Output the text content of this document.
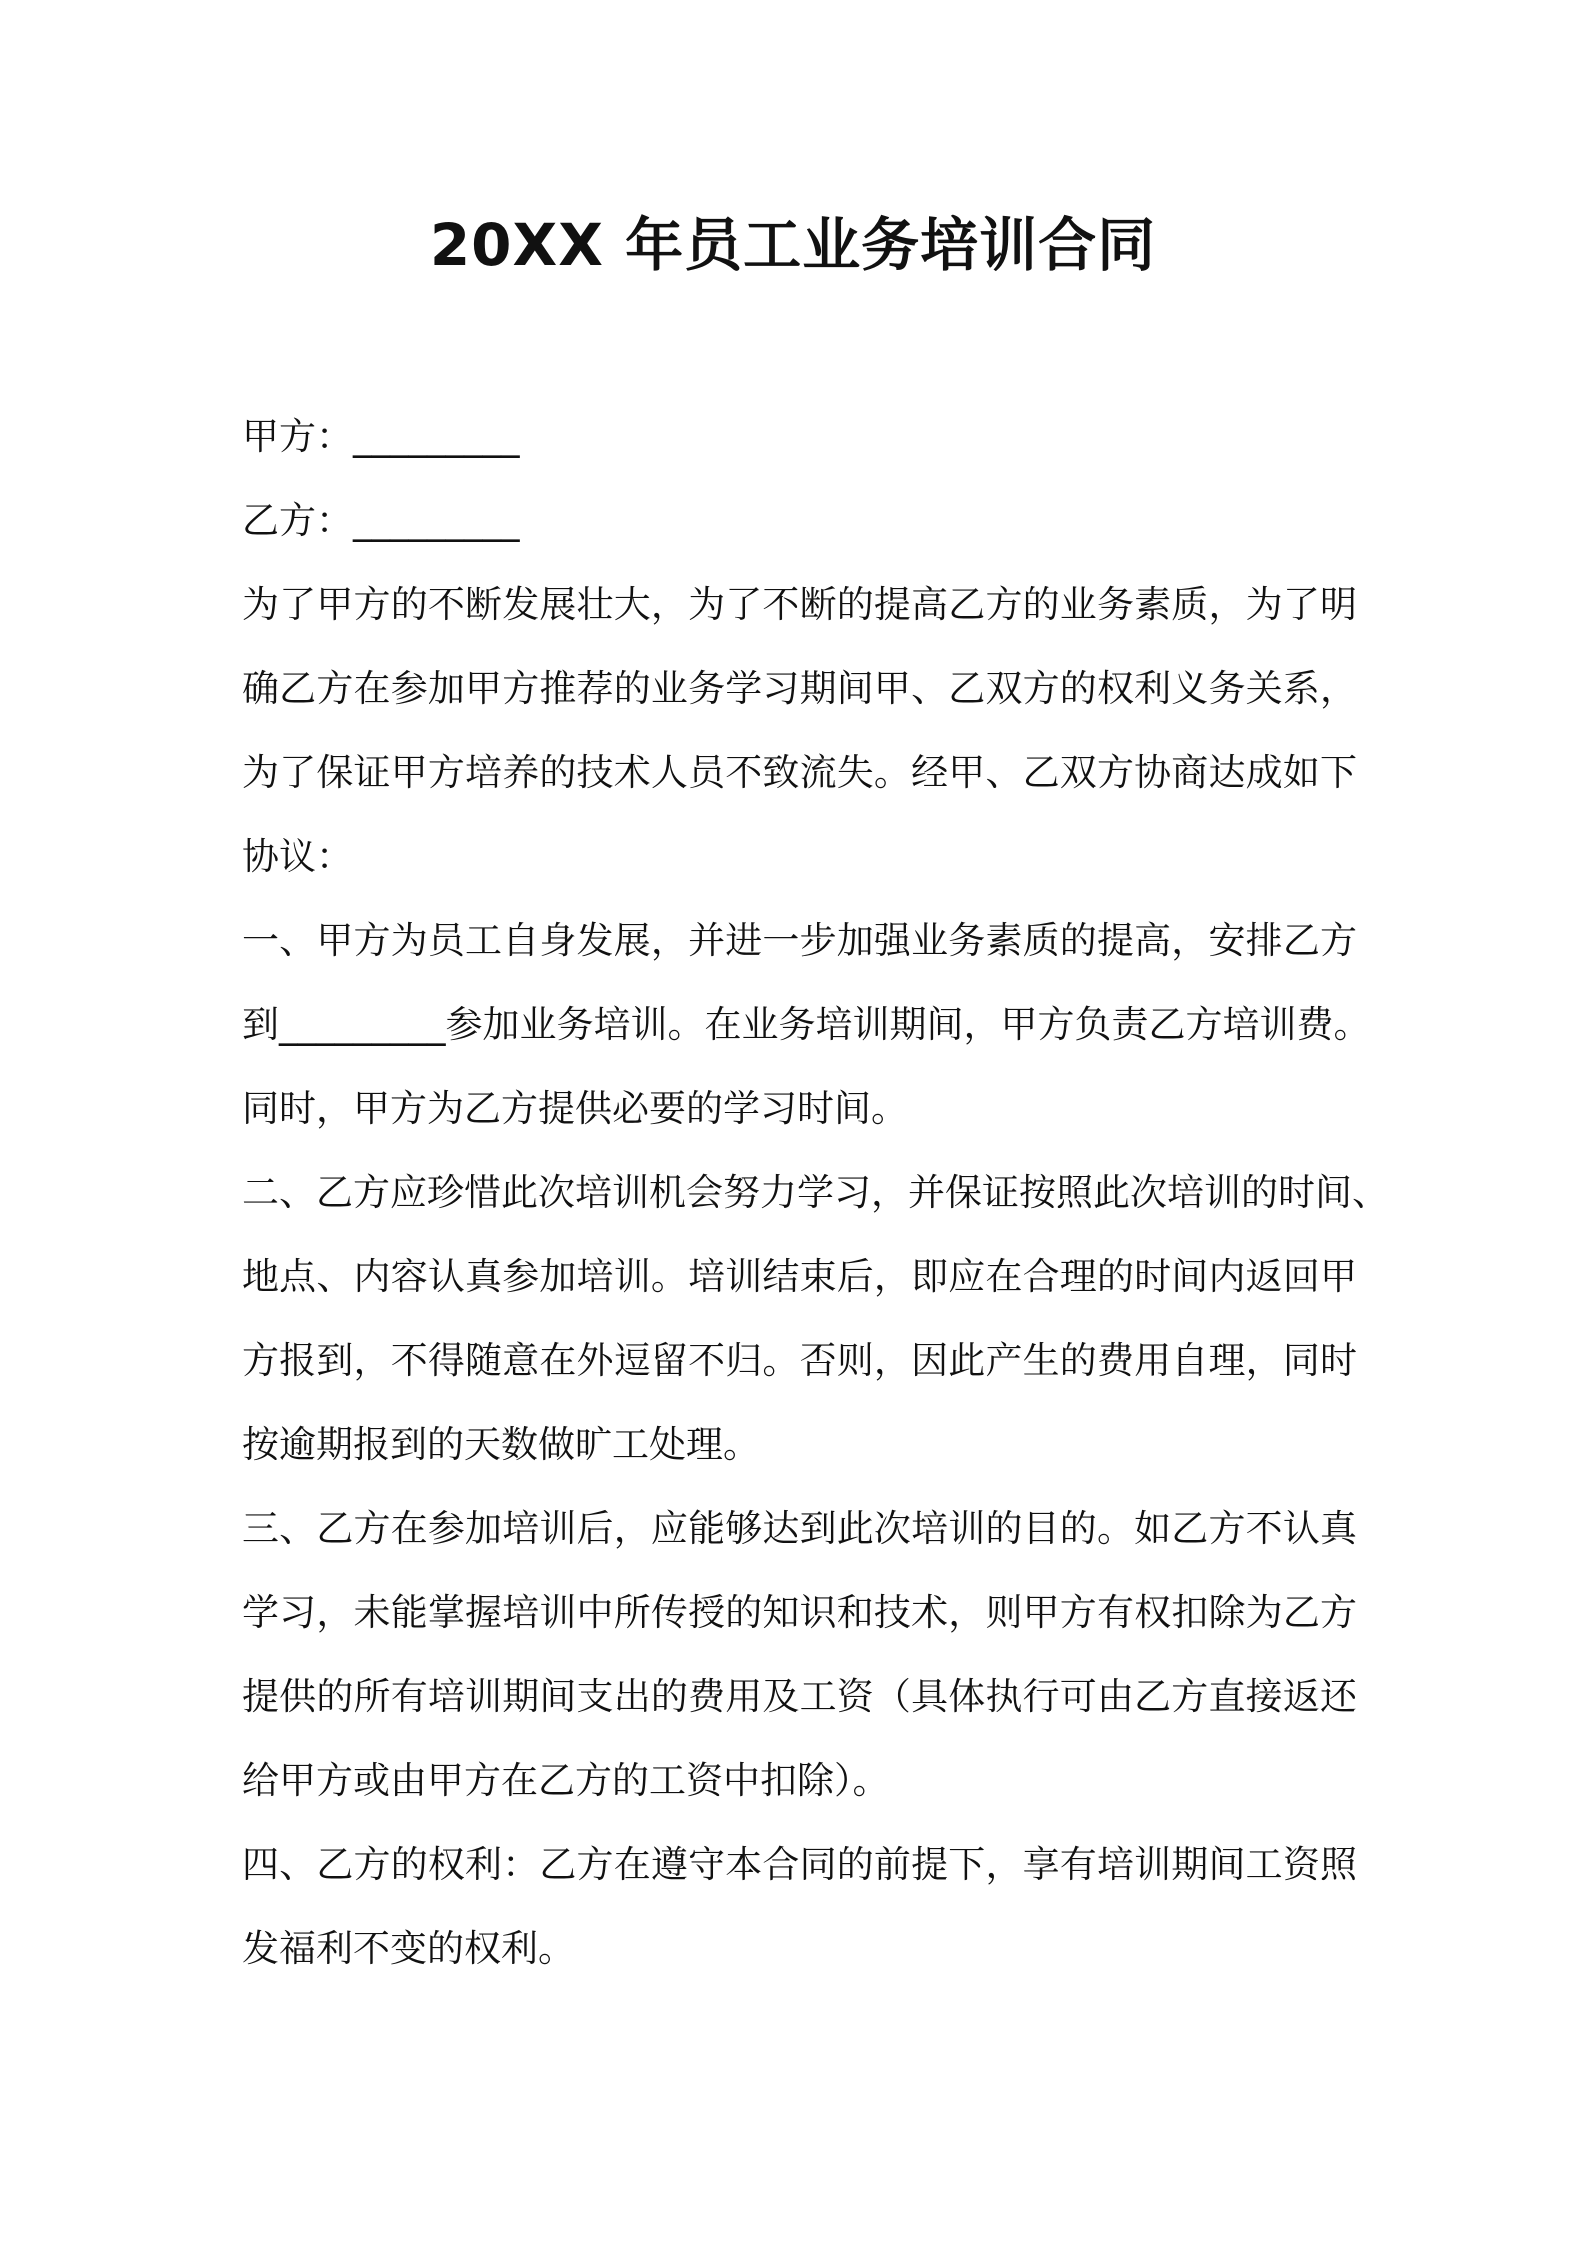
20XX 年员工业务培训合同
甲方：_________
乙方：_________
为了甲方的不断发展壮大，为了不断的提高乙方的业务素质，为了明
确乙方在参加甲方推荐的业务学习期间甲、乙双方的权利义务关系，
为了保证甲方培养的技术人员不致流失。经甲、乙双方协商达成如下
协议：
一、甲方为员工自身发展，并进一步加强业务素质的提高，安排乙方
到_________参加业务培训。在业务培训期间，甲方负责乙方培训费。
同时，甲方为乙方提供必要的学习时间。
二、乙方应珍惜此次培训机会努力学习，并保证按照此次培训的时间、
地点、内容认真参加培训。培训结束后，即应在合理的时间内返回甲
方报到，不得随意在外逗留不归。否则，因此产生的费用自理，同时
按逾期报到的天数做旷工处理。
三、乙方在参加培训后，应能够达到此次培训的目的。如乙方不认真
学习，未能掌握培训中所传授的知识和技术，则甲方有权扣除为乙方
提供的所有培训期间支出的费用及工资（具体执行可由乙方直接返还
给甲方或由甲方在乙方的工资中扣除）。
四、乙方的权利：乙方在遵守本合同的前提下，享有培训期间工资照
发福利不变的权利。
